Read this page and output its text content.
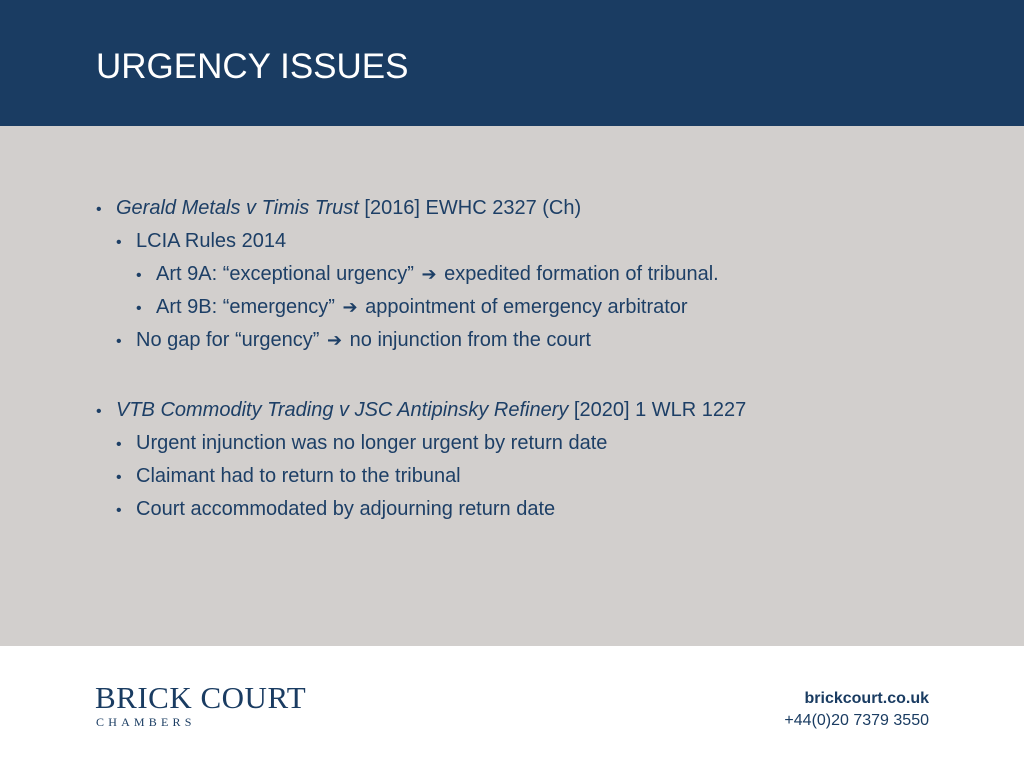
URGENCY ISSUES
• Gerald Metals v Timis Trust [2016] EWHC 2327 (Ch)
• LCIA Rules 2014
• Art 9A: “exceptional urgency” ➔ expedited formation of tribunal.
• Art 9B: “emergency” ➔ appointment of emergency arbitrator
• No gap for “urgency” ➔ no injunction from the court
• VTB Commodity Trading v JSC Antipinsky Refinery [2020] 1 WLR 1227
• Urgent injunction was no longer urgent by return date
• Claimant had to return to the tribunal
• Court accommodated by adjourning return date
BRICK COURT
CHAMBERS
brickcourt.co.uk
+44(0)20 7379 3550
